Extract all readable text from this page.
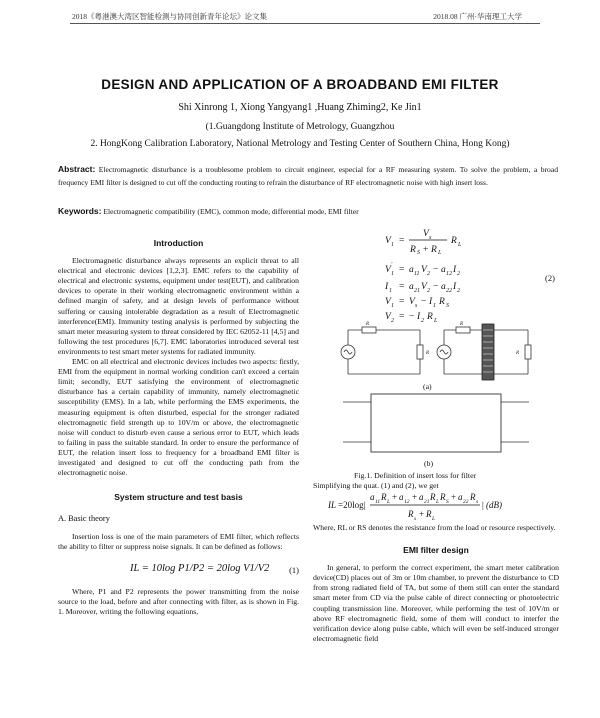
2018《粤港澳大湾区智能检测与协同创新青年论坛》论文集	2018.08 广州·华南理工大学
DESIGN AND APPLICATION OF A BROADBAND EMI FILTER
Shi Xinrong 1, Xiong Yangyang1 ,Huang Zhiming2, Ke Jin1
(1.Guangdong Institute of Metrology, Guangzhou
2. HongKong Calibration Laboratory, National Metrology and Testing Center of Southern China, Hong Kong)
Abstract: Electromagnetic disturbance is a troublesome problem to circuit engineer, especial for a RF measuring system. To solve the problem, a broad frequency EMI filter is designed to cut off the conducting routing to refrain the disturbance of RF electromagnetic noise with high insert loss.
Keywords: Electromagnetic compatibility (EMC), common mode, differential mode, EMI filter
Introduction

Electromagnetic disturbance always represents an explicit threat to all electrical and electronic devices [1,2,3]. EMC refers to the capability of electrical and electronic systems, equipment under test(EUT), and calibration devices to operate in their working electromagnetic environment within a defined margin of safety, and at design levels of performance without suffering or causing intolerable degradation as a result of Electromagnetic interference(EMI). Immunity testing analysis is performed by subjecting the smart meter measuring system to threat considered by IEC 62052-11 [4,5] and following the test procedures [6,7]. EMC laboratories introduced several test environments to test smart meter systems for radiated immunity.

EMC on all electrical and electronic devices includes two aspects: firstly, EMI from the equipment in normal working condition can't exceed a certain limit; secondly, EUT satisfying the environment of electromagnetic disturbance has a certain capability of immunity, namely electromagnetic susceptibility (EMS). In a lab, while performing the EMS experiments, the measuring equipment is often disturbed, especial for the stronger radiated electromagnetic field strength up to 10V/m or above, the electromagnetic noise will conduct to disturb even cause a serious error to EUT, which leads to failing in pass the suitable standard. In order to ensure the performance of EUT, the relation insert loss to frequency for a broadband EMI filter is investigated and designed to cut off the conducting path from the electromagnetic noise.

System structure and test basis
A. Basic theory

Insertion loss is one of the main parameters of EMI filter, which reflects the ability to filter or suppress noise signals. It can be defined as follows:

IL = 10log P1/P2 = 20log V1/V2 (1)

Where, P1 and P2 represents the power transmitting from the noise source to the load, before and after connecting with filter, as is shown in Fig. 1. Moreover, writing the following equations,

V 1 =
V s
R S + R L
R L
V ′
1 = a 11 V 2 − a 12 I 2
I 1 = a 21 V 2 − a 22 I 2
V 1 = V s − I 1 R S
V 2 = − I 2 R L
(2)
R	R
R	R
(a)
(b)
Fig.1. Definition of insert loss for filter
Simplifying the quat. (1) and (2), we get
IL =20log|
a 11 R L + a 12 + a 21 R L R S + a 22 R s
R s + R L
| (dB)

Where, RL or RS denotes the resistance from the load or resource respectively.

EMI filter design

In general, to perform the correct experiment, the smart meter calibration device(CD) places out of 3m or 10m chamber, to prevent the disturbance to CD from strong radiated field of TA, but some of them still can enter the standard smart meter from CD via the pulse cable of direct connecting or photoelectric coupling transmission line. Moreover, while performing the test of 10V/m or above RF electromagnetic field, some of them will conduct to interfer the verification device along pulse cable, which will even be self-induced stronger electromagnetic field
